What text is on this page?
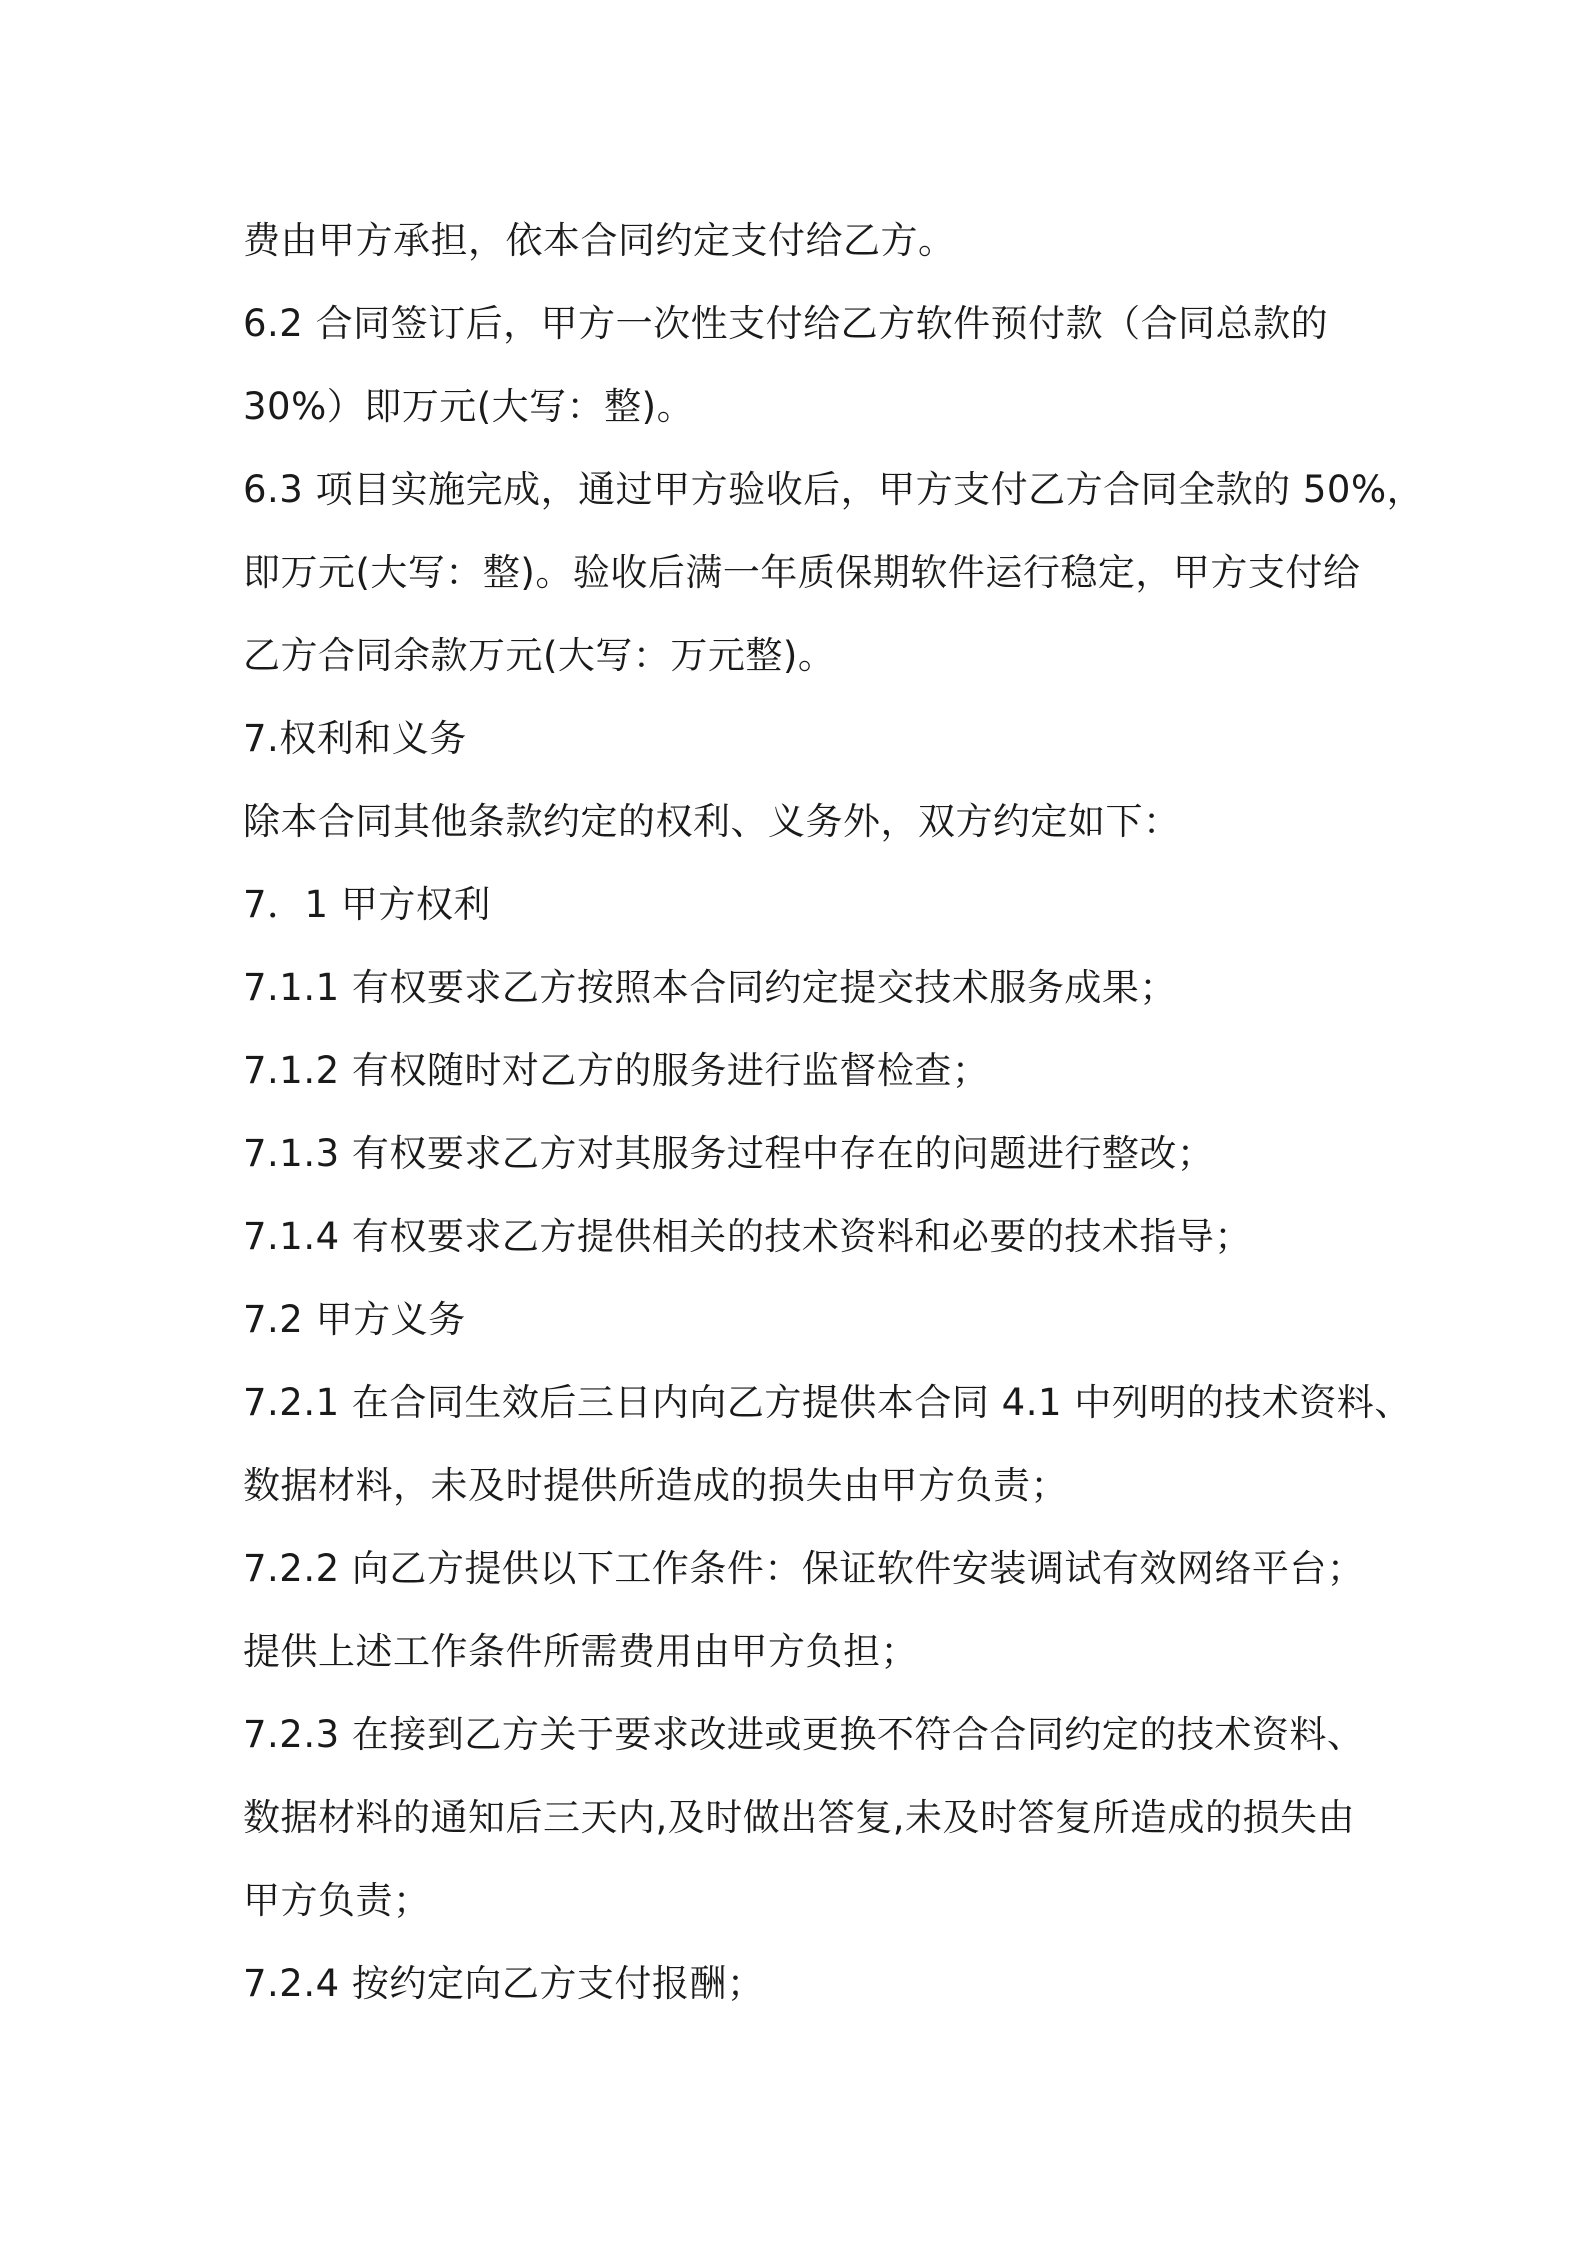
费由甲方承担，依本合同约定支付给乙方。
6.2 合同签订后，甲方一次性支付给乙方软件预付款（合同总款的
30%）即万元(大写：整)。
6.3 项目实施完成，通过甲方验收后，甲方支付乙方合同全款的 50%，
即万元(大写：整)。验收后满一年质保期软件运行稳定，甲方支付给
乙方合同余款万元(大写：万元整)。
7.权利和义务
除本合同其他条款约定的权利、义务外，双方约定如下：
7．1 甲方权利
7.1.1 有权要求乙方按照本合同约定提交技术服务成果；
7.1.2 有权随时对乙方的服务进行监督检查；
7.1.3 有权要求乙方对其服务过程中存在的问题进行整改；
7.1.4 有权要求乙方提供相关的技术资料和必要的技术指导；
7.2 甲方义务
7.2.1 在合同生效后三日内向乙方提供本合同 4.1 中列明的技术资料、
数据材料，未及时提供所造成的损失由甲方负责；
7.2.2 向乙方提供以下工作条件：保证软件安装调试有效网络平台；
提供上述工作条件所需费用由甲方负担；
7.2.3 在接到乙方关于要求改进或更换不符合合同约定的技术资料、
数据材料的通知后三天内,及时做出答复,未及时答复所造成的损失由
甲方负责；
7.2.4 按约定向乙方支付报酬；
